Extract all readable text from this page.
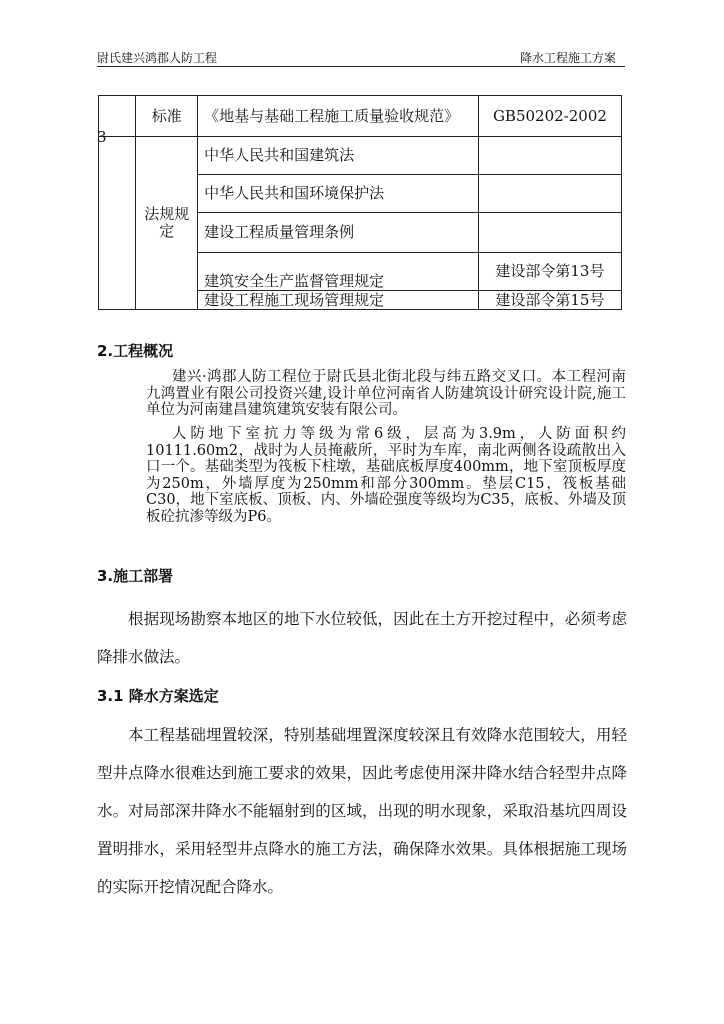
尉氏建兴鸿郡人防工程	降水工程施工方案
	标准	《地基与基础工程施工质量验收规范》	GB50202-2002

3	法规规定	中华人民共和国建筑法	
		中华人民共和国环境保护法	
		建设工程质量管理条例	
		建筑安全生产监督管理规定	建设部令第13号
		建设工程施工现场管理规定	建设部令第15号
2.工程概况

建兴·鸿郡人防工程位于尉氏县北街北段与纬五路交叉口。本工程河南九鸿置业有限公司投资兴建,设计单位河南省人防建筑设计研究设计院,施工单位为河南建昌建筑建筑安装有限公司。

人防地下室抗力等级为常6级，层高为3.9m，人防面积约10111.60m2，战时为人员掩蔽所，平时为车库，南北两侧各设疏散出入口一个。基础类型为筏板下柱墩，基础底板厚度400mm，地下室顶板厚度为250m，外墙厚度为250mm和部分300mm。垫层C15，筏板基础C30，地下室底板、顶板、内、外墙砼强度等级均为C35，底板、外墙及顶板砼抗渗等级为P6。

3.施工部署

根据现场勘察本地区的地下水位较低，因此在土方开挖过程中，必须考虑降排水做法。

3.1 降水方案选定

本工程基础埋置较深，特别基础埋置深度较深且有效降水范围较大，用轻型井点降水很难达到施工要求的效果，因此考虑使用深井降水结合轻型井点降水。对局部深井降水不能辐射到的区域，出现的明水现象，采取沿基坑四周设置明排水，采用轻型井点降水的施工方法，确保降水效果。具体根据施工现场的实际开挖情况配合降水。
